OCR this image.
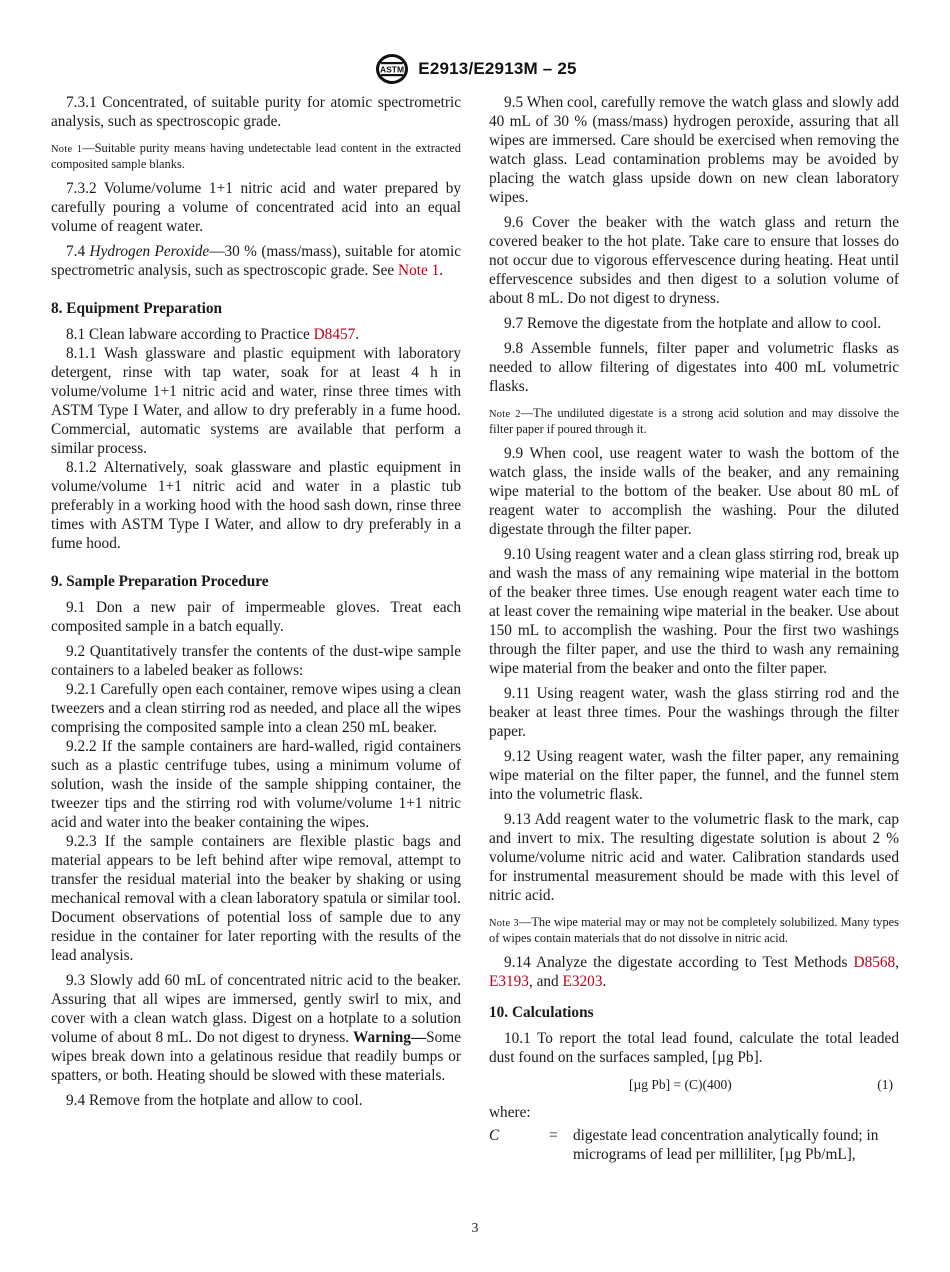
ASTM E2913/E2913M – 25

7.3.1 Concentrated, of suitable purity for atomic spectrometric analysis, such as spectroscopic grade.

Note 1—Suitable purity means having undetectable lead content in the extracted composited sample blanks.

7.3.2 Volume/volume 1+1 nitric acid and water prepared by carefully pouring a volume of concentrated acid into an equal volume of reagent water.

7.4 Hydrogen Peroxide—30 % (mass/mass), suitable for atomic spectrometric analysis, such as spectroscopic grade. See Note 1.

8. Equipment Preparation

8.1 Clean labware according to Practice D8457.

8.1.1 Wash glassware and plastic equipment with laboratory detergent, rinse with tap water, soak for at least 4 h in volume/volume 1+1 nitric acid and water, rinse three times with ASTM Type I Water, and allow to dry preferably in a fume hood. Commercial, automatic systems are available that perform a similar process.

8.1.2 Alternatively, soak glassware and plastic equipment in volume/volume 1+1 nitric acid and water in a plastic tub preferably in a working hood with the hood sash down, rinse three times with ASTM Type I Water, and allow to dry preferably in a fume hood.

9. Sample Preparation Procedure

9.1 Don a new pair of impermeable gloves. Treat each composited sample in a batch equally.

9.2 Quantitatively transfer the contents of the dust-wipe sample containers to a labeled beaker as follows:

9.2.1 Carefully open each container, remove wipes using a clean tweezers and a clean stirring rod as needed, and place all the wipes comprising the composited sample into a clean 250 mL beaker.

9.2.2 If the sample containers are hard-walled, rigid containers such as a plastic centrifuge tubes, using a minimum volume of solution, wash the inside of the sample shipping container, the tweezer tips and the stirring rod with volume/volume 1+1 nitric acid and water into the beaker containing the wipes.

9.2.3 If the sample containers are flexible plastic bags and material appears to be left behind after wipe removal, attempt to transfer the residual material into the beaker by shaking or using mechanical removal with a clean laboratory spatula or similar tool. Document observations of potential loss of sample due to any residue in the container for later reporting with the results of the lead analysis.

9.3 Slowly add 60 mL of concentrated nitric acid to the beaker. Assuring that all wipes are immersed, gently swirl to mix, and cover with a clean watch glass. Digest on a hotplate to a solution volume of about 8 mL. Do not digest to dryness. Warning—Some wipes break down into a gelatinous residue that readily bumps or spatters, or both. Heating should be slowed with these materials.

9.4 Remove from the hotplate and allow to cool.

9.5 When cool, carefully remove the watch glass and slowly add 40 mL of 30 % (mass/mass) hydrogen peroxide, assuring that all wipes are immersed. Care should be exercised when removing the watch glass. Lead contamination problems may be avoided by placing the watch glass upside down on new clean laboratory wipes.

9.6 Cover the beaker with the watch glass and return the covered beaker to the hot plate. Take care to ensure that losses do not occur due to vigorous effervescence during heating. Heat until effervescence subsides and then digest to a solution volume of about 8 mL. Do not digest to dryness.

9.7 Remove the digestate from the hotplate and allow to cool.

9.8 Assemble funnels, filter paper and volumetric flasks as needed to allow filtering of digestates into 400 mL volumetric flasks.

Note 2—The undiluted digestate is a strong acid solution and may dissolve the filter paper if poured through it.

9.9 When cool, use reagent water to wash the bottom of the watch glass, the inside walls of the beaker, and any remaining wipe material to the bottom of the beaker. Use about 80 mL of reagent water to accomplish the washing. Pour the diluted digestate through the filter paper.

9.10 Using reagent water and a clean glass stirring rod, break up and wash the mass of any remaining wipe material in the bottom of the beaker three times. Use enough reagent water each time to at least cover the remaining wipe material in the beaker. Use about 150 mL to accomplish the washing. Pour the first two washings through the filter paper, and use the third to wash any remaining wipe material from the beaker and onto the filter paper.

9.11 Using reagent water, wash the glass stirring rod and the beaker at least three times. Pour the washings through the filter paper.

9.12 Using reagent water, wash the filter paper, any remaining wipe material on the filter paper, the funnel, and the funnel stem into the volumetric flask.

9.13 Add reagent water to the volumetric flask to the mark, cap and invert to mix. The resulting digestate solution is about 2 % volume/volume nitric acid and water. Calibration standards used for instrumental measurement should be made with this level of nitric acid.

Note 3—The wipe material may or may not be completely solubilized. Many types of wipes contain materials that do not dissolve in nitric acid.

9.14 Analyze the digestate according to Test Methods D8568, E3193, and E3203.

10. Calculations

10.1 To report the total lead found, calculate the total leaded dust found on the surfaces sampled, [µg Pb].

[µg Pb] = (C)(400)	(1)

where:

C	=	digestate lead concentration analytically found; in micrograms of lead per milliliter, [µg Pb/mL],
3
